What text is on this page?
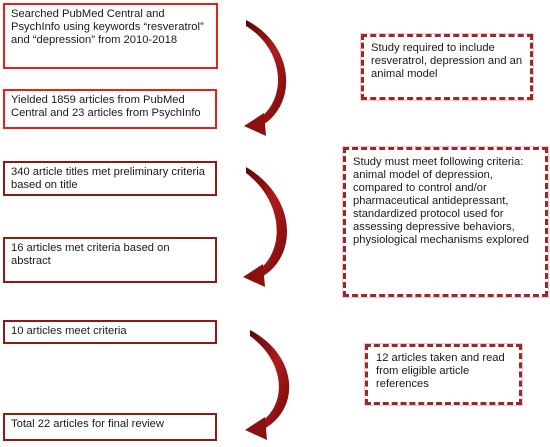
Searched PubMed Central and PsychInfo using keywords “resveratrol” and “depression” from 2010-2018
Yielded 1859 articles from PubMed Central and 23 articles from PsychInfo
340 article titles met preliminary criteria based on title
16 articles met criteria based on abstract
10 articles meet criteria
Total 22 articles for final review
Study required to include resveratrol, depression and an animal model
Study must meet following criteria: animal model of depression, compared to control and/or pharmaceutical antidepressant, standardized protocol used for assessing depressive behaviors, physiological mechanisms explored
12 articles taken and read from eligible article references
